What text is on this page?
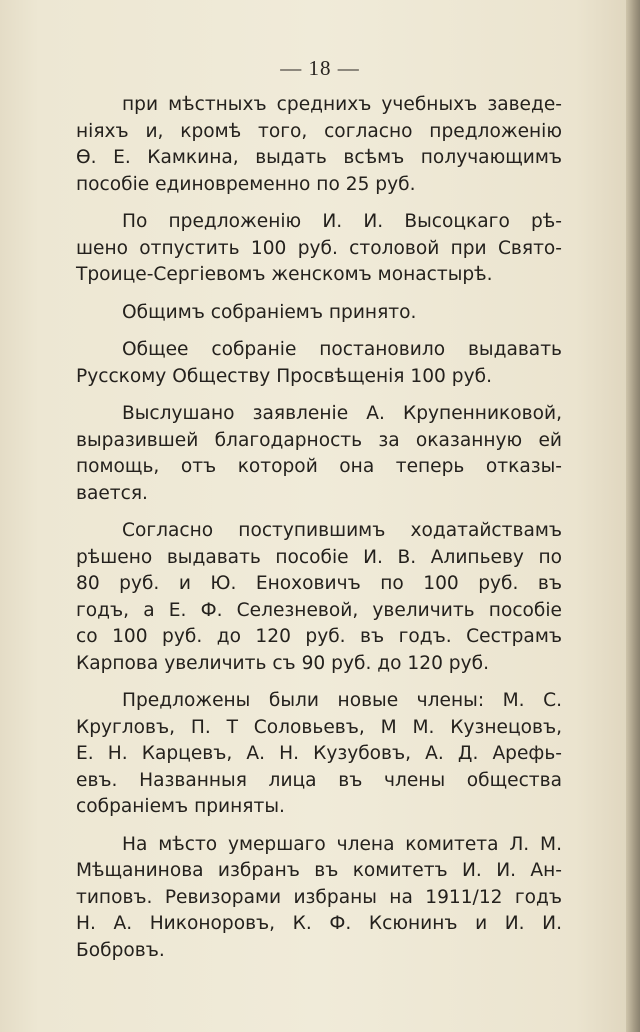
— 18 —
при мѣстныхъ среднихъ учебныхъ заведе-
ніяхъ и, кромѣ того, согласно предложенію
Ѳ. Е. Камкина, выдать всѣмъ получающимъ
пособіе единовременно по 25 руб.
По предложенію И. И. Высоцкаго рѣ-
шено отпустить 100 руб. столовой при Свято-
Троице-Сергіевомъ женскомъ монастырѣ.
Общимъ собраніемъ принято.
Общее собраніе постановило выдавать
Русскому Обществу Просвѣщенія 100 руб.
Выслушано заявленіе А. Крупенниковой,
выразившей благодарность за оказанную ей
помощь, отъ которой она теперь отказы-
вается.
Согласно поступившимъ ходатайствамъ
рѣшено выдавать пособіе И. В. Алипьеву по
80 руб. и Ю. Еноховичъ по 100 руб. въ
годъ, а Е. Ф. Селезневой, увеличить пособіе
со 100 руб. до 120 руб. въ годъ. Сестрамъ
Карпова увеличить съ 90 руб. до 120 руб.
Предложены были новые члены: М. С.
Кругловъ, П. Т Соловьевъ, М М. Кузнецовъ,
Е. Н. Карцевъ, А. Н. Кузубовъ, А. Д. Арефь-
евъ. Названныя лица въ члены общества
собраніемъ приняты.
На мѣсто умершаго члена комитета Л. М.
Мѣщанинова избранъ въ комитетъ И. И. Ан-
типовъ. Ревизорами избраны на 1911/12 годъ
Н. А. Никоноровъ, К. Ф. Ксюнинъ и И. И.
Бобровъ.
